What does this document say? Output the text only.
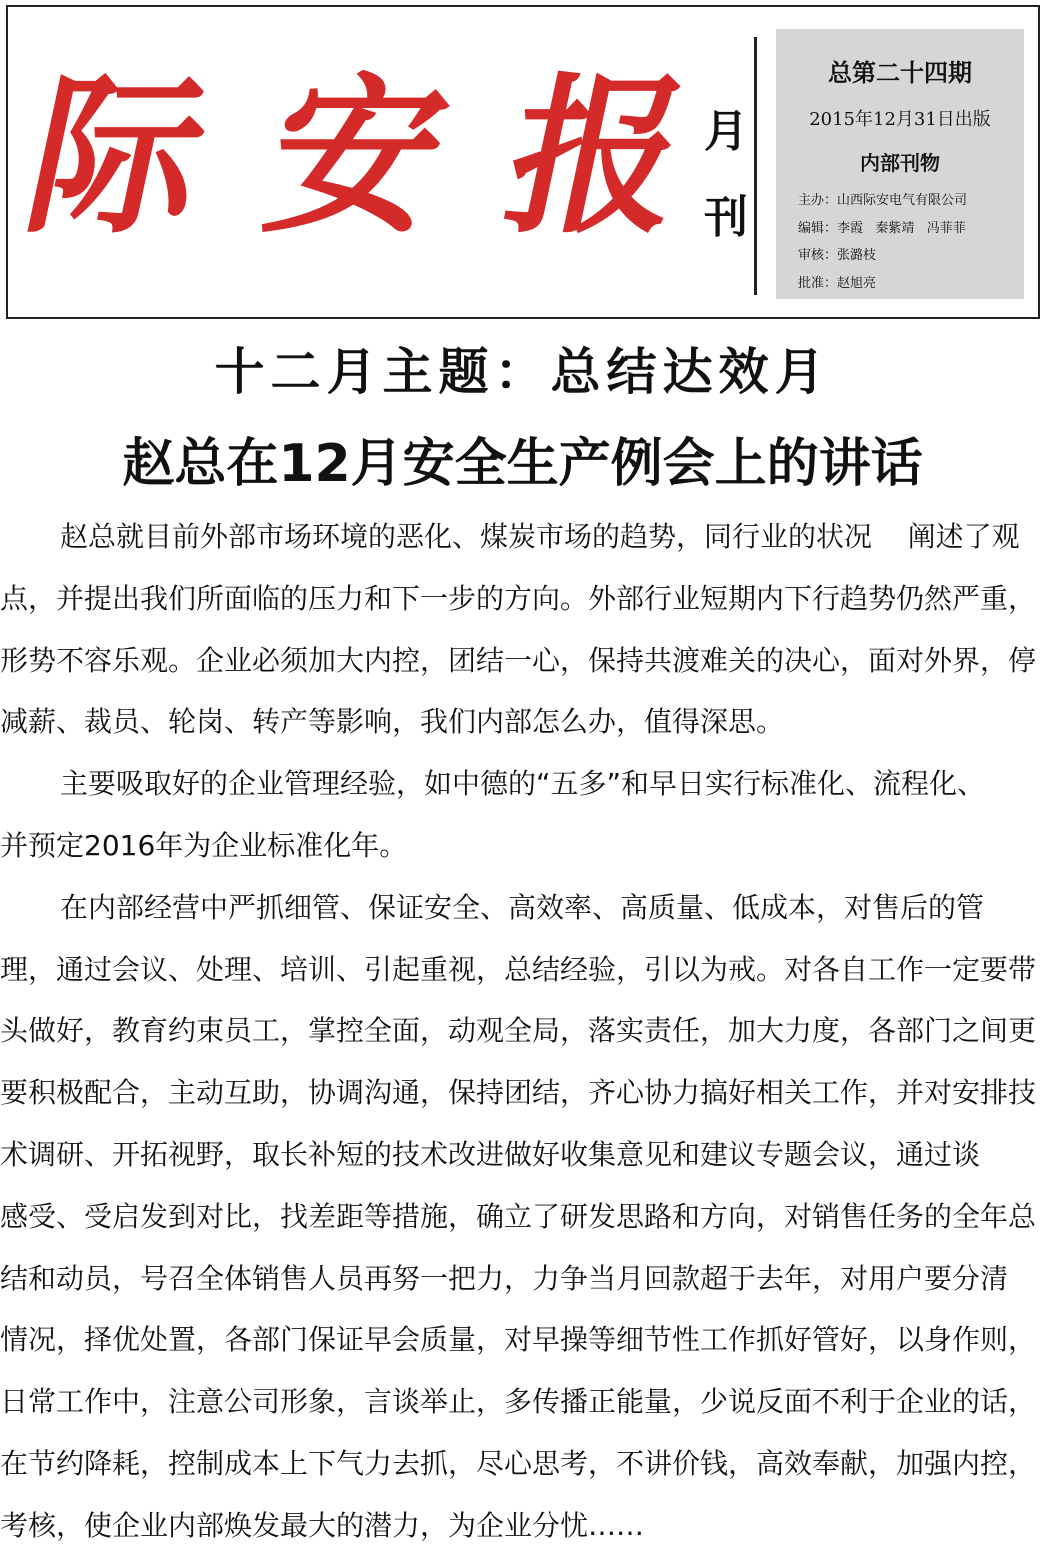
际 安 报 月
刊
总第二十四期
2015年12月31日出版
内部刊物
主办：山西际安电气有限公司
编辑：李霞   秦紫靖   冯菲菲
审核：张潞枝
批准：赵旭亮
十二月主题：总结达效月
赵总在12月安全生产例会上的讲话
赵总就目前外部市场环境的恶化、煤炭市场的趋势，同行业的状况    阐述了观
点，并提出我们所面临的压力和下一步的方向。外部行业短期内下行趋势仍然严重，
形势不容乐观。企业必须加大内控，团结一心，保持共渡难关的决心，面对外界，停
减薪、裁员、轮岗、转产等影响，我们内部怎么办，值得深思。
主要吸取好的企业管理经验，如中德的“五多”和早日实行标准化、流程化、
并预定2016年为企业标准化年。
在内部经营中严抓细管、保证安全、高效率、高质量、低成本，对售后的管
理，通过会议、处理、培训、引起重视，总结经验，引以为戒。对各自工作一定要带
头做好，教育约束员工，掌控全面，动观全局，落实责任，加大力度，各部门之间更
要积极配合，主动互助，协调沟通，保持团结，齐心协力搞好相关工作，并对安排技
术调研、开拓视野，取长补短的技术改进做好收集意见和建议专题会议，通过谈
感受、受启发到对比，找差距等措施，确立了研发思路和方向，对销售任务的全年总
结和动员，号召全体销售人员再努一把力，力争当月回款超于去年，对用户要分清
情况，择优处置，各部门保证早会质量，对早操等细节性工作抓好管好，以身作则，
日常工作中，注意公司形象，言谈举止，多传播正能量，少说反面不利于企业的话，
在节约降耗，控制成本上下气力去抓，尽心思考，不讲价钱，高效奉献，加强内控，
考核，使企业内部焕发最大的潜力，为企业分忧……
